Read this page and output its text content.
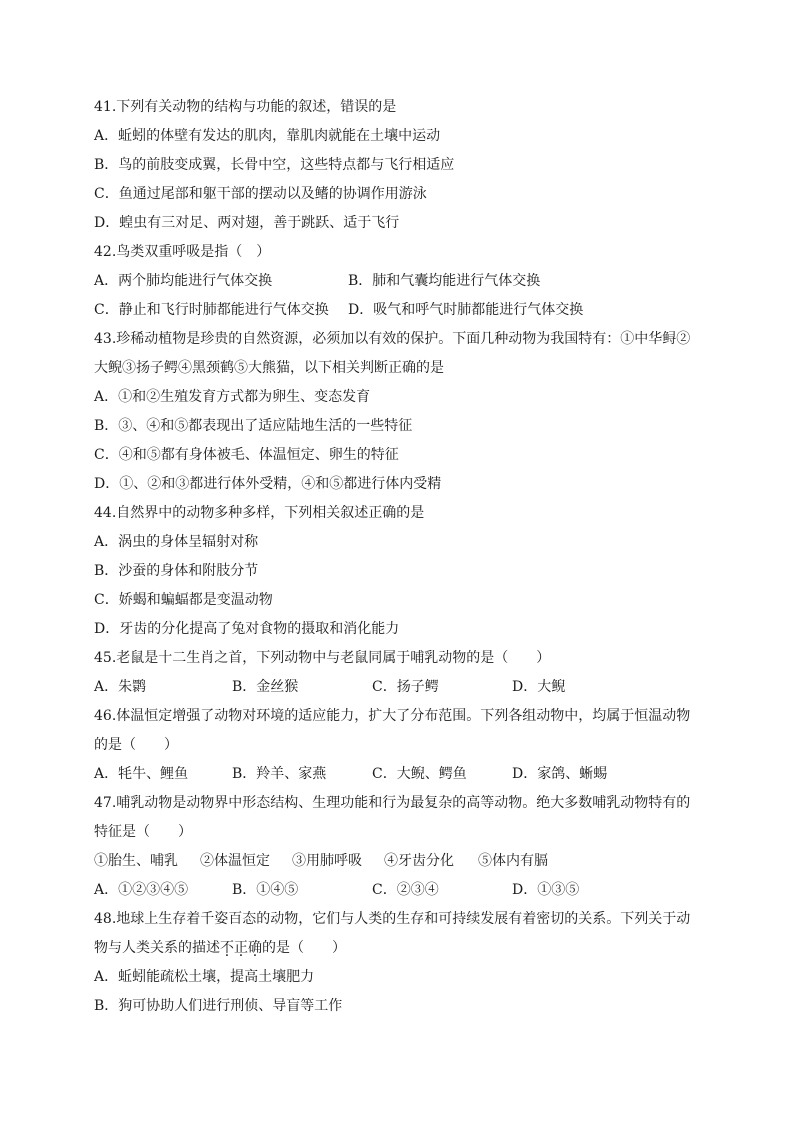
41.下列有关动物的结构与功能的叙述，错误的是
A．蚯蚓的体壁有发达的肌肉，靠肌肉就能在土壤中运动
B．鸟的前肢变成翼，长骨中空，这些特点都与飞行相适应
C．鱼通过尾部和躯干部的摆动以及鳍的协调作用游泳
D．蝗虫有三对足、两对翅，善于跳跃、适于飞行
42.鸟类双重呼吸是指（　）
A．两个肺均能进行气体交换	B．肺和气囊均能进行气体交换
C．静止和飞行时肺都能进行气体交换 D．吸气和呼气时肺都能进行气体交换
43.珍稀动植物是珍贵的自然资源，必须加以有效的保护。下面几种动物为我国特有：①中华鲟②
大鲵③扬子鳄④黑颈鹤⑤大熊猫，以下相关判断正确的是
A．①和②生殖发育方式都为卵生、变态发育
B．③、④和⑤都表现出了适应陆地生活的一些特征
C．④和⑤都有身体被毛、体温恒定、卵生的特征
D．①、②和③都进行体外受精，④和⑤都进行体内受精
44.自然界中的动物多种多样，下列相关叙述正确的是
A．涡虫的身体呈辐射对称
B．沙蚕的身体和附肢分节
C．娇蝎和蝙蝠都是变温动物
D．牙齿的分化提高了兔对食物的摄取和消化能力
45.老鼠是十二生肖之首，下列动物中与老鼠同属于哺乳动物的是（　　）
A．朱鹮	B．金丝猴	C．扬子鳄	D．大鲵
46.体温恒定增强了动物对环境的适应能力，扩大了分布范围。下列各组动物中，均属于恒温动物
的是（　　）
A．牦牛、鲤鱼	B．羚羊、家燕	C．大鲵、鳄鱼	D．家鸽、蜥蜴
47.哺乳动物是动物界中形态结构、生理功能和行为最复杂的高等动物。绝大多数哺乳动物特有的
特征是（　　）
①胎生、哺乳 ②体温恒定 ③用肺呼吸 ④牙齿分化 ⑤体内有膈
A．①②③④⑤	B．①④⑤	C．②③④	D．①③⑤
48.地球上生存着千姿百态的动物，它们与人类的生存和可持续发展有着密切的关系。下列关于动
物与人类关系的描述不正确的是（　　）
A．蚯蚓能疏松土壤，提高土壤肥力
B．狗可协助人们进行刑侦、导盲等工作
